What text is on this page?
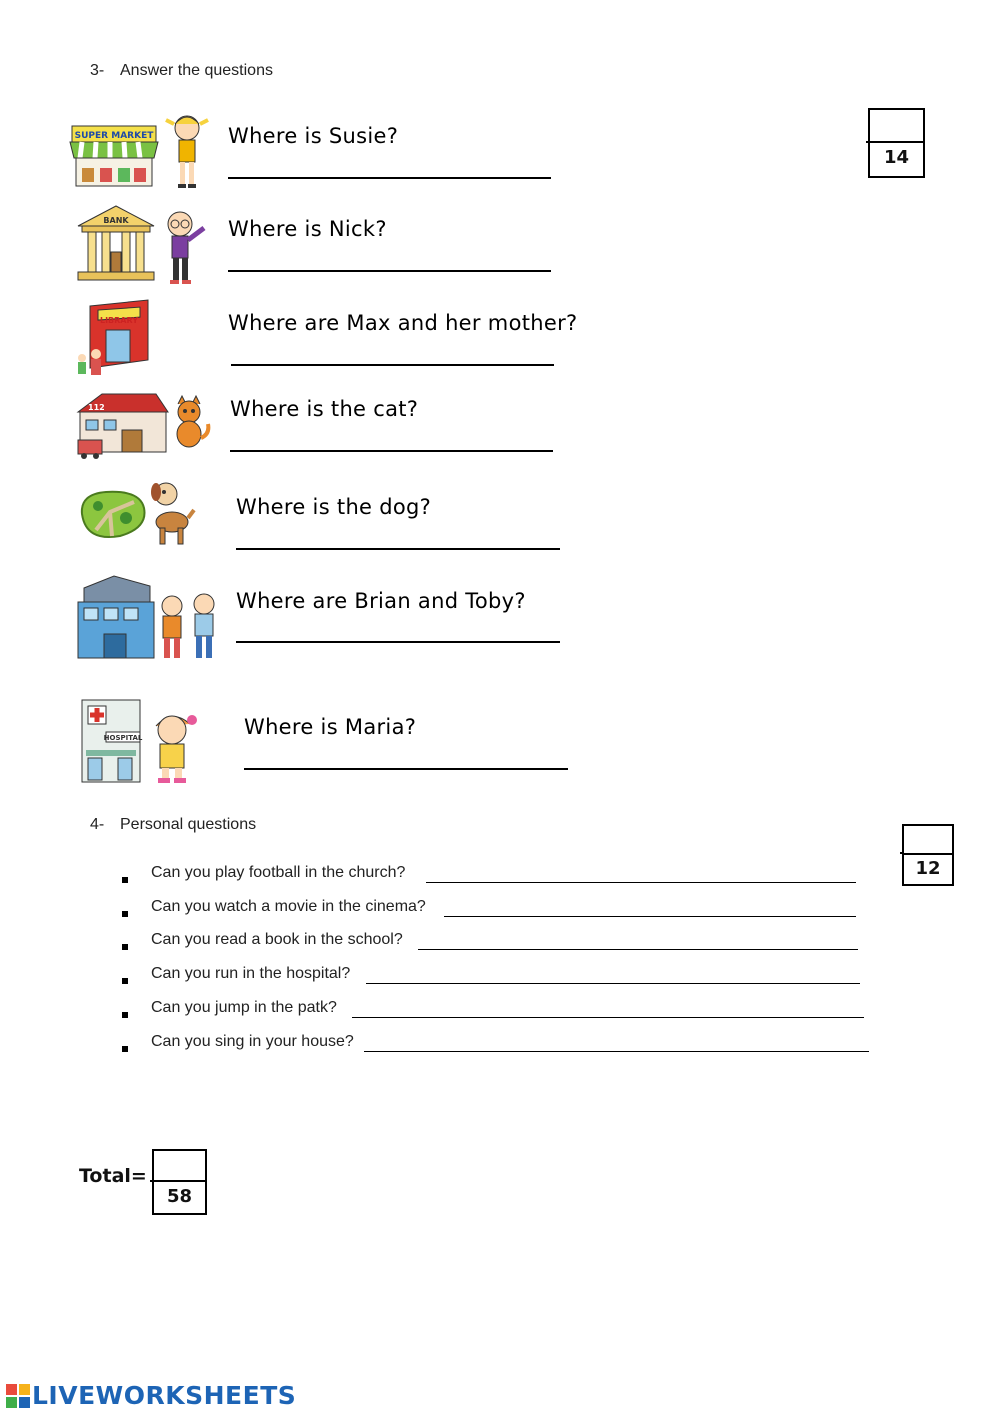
3- Answer the questions
14
SUPER MARKET	Where is Susie?
BANK	Where is Nick?
LIBRARY	Where are Max and her mother?
112	Where is the cat?
Where is the dog?
Where are Brian and Toby?
HOSPITAL	Where is Maria?
4- Personal questions
12
Can you play football in the church?
Can you watch a movie in the cinema?
Can you read a book in the school?
Can you run in the hospital?
Can you jump in the patk?
Can you sing in your house?
Total=
58
LIVEWORKSHEETS
